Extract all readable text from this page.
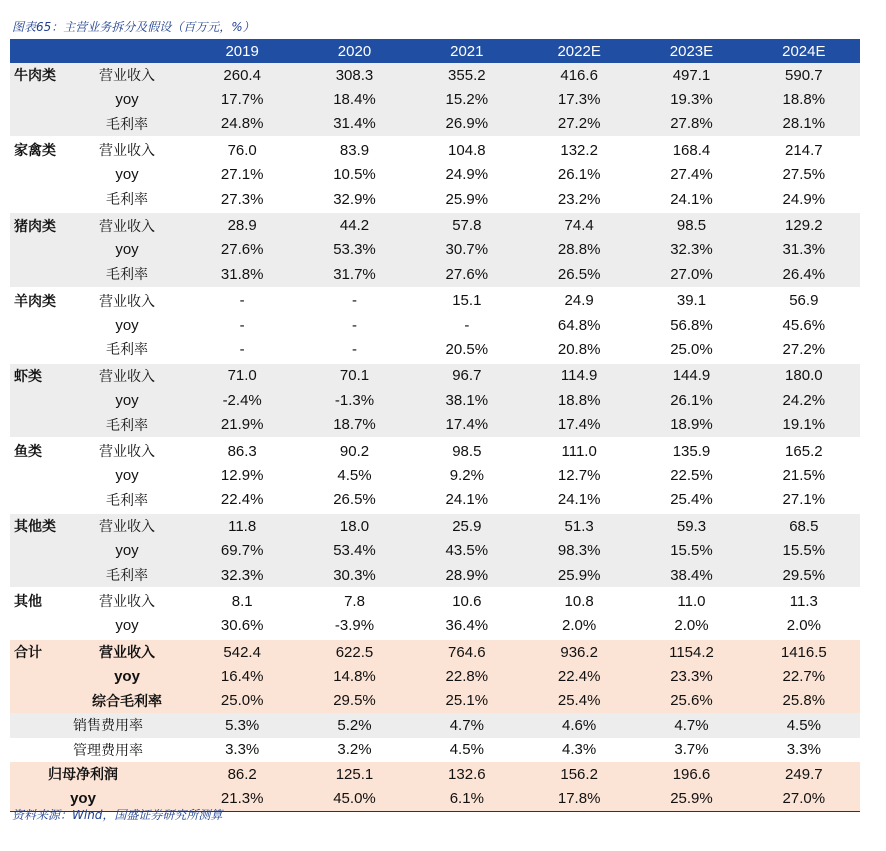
图表65：主营业务拆分及假设（百万元，%）
		2019	2020	2021	2022E	2023E	2024E
牛肉类	营业收入	260.4	308.3	355.2	416.6	497.1	590.7
	yoy	17.7%	18.4%	15.2%	17.3%	19.3%	18.8%
	毛利率	24.8%	31.4%	26.9%	27.2%	27.8%	28.1%
家禽类	营业收入	76.0	83.9	104.8	132.2	168.4	214.7
	yoy	27.1%	10.5%	24.9%	26.1%	27.4%	27.5%
	毛利率	27.3%	32.9%	25.9%	23.2%	24.1%	24.9%
猪肉类	营业收入	28.9	44.2	57.8	74.4	98.5	129.2
	yoy	27.6%	53.3%	30.7%	28.8%	32.3%	31.3%
	毛利率	31.8%	31.7%	27.6%	26.5%	27.0%	26.4%
羊肉类	营业收入	-	-	15.1	24.9	39.1	56.9
	yoy	-	-	-	64.8%	56.8%	45.6%
	毛利率	-	-	20.5%	20.8%	25.0%	27.2%
虾类	营业收入	71.0	70.1	96.7	114.9	144.9	180.0
	yoy	-2.4%	-1.3%	38.1%	18.8%	26.1%	24.2%
	毛利率	21.9%	18.7%	17.4%	17.4%	18.9%	19.1%
鱼类	营业收入	86.3	90.2	98.5	111.0	135.9	165.2
	yoy	12.9%	4.5%	9.2%	12.7%	22.5%	21.5%
	毛利率	22.4%	26.5%	24.1%	24.1%	25.4%	27.1%
其他类	营业收入	11.8	18.0	25.9	51.3	59.3	68.5
	yoy	69.7%	53.4%	43.5%	98.3%	15.5%	15.5%
	毛利率	32.3%	30.3%	28.9%	25.9%	38.4%	29.5%
其他	营业收入	8.1	7.8	10.6	10.8	11.0	11.3
	yoy	30.6%	-3.9%	36.4%	2.0%	2.0%	2.0%
合计	营业收入	542.4	622.5	764.6	936.2	1154.2	1416.5
	yoy	16.4%	14.8%	22.8%	22.4%	23.3%	22.7%
	综合毛利率	25.0%	29.5%	25.1%	25.4%	25.6%	25.8%
销售费用率		5.3%	5.2%	4.7%	4.6%	4.7%	4.5%
管理费用率		3.3%	3.2%	4.5%	4.3%	3.7%	3.3%
归母净利润		86.2	125.1	132.6	156.2	196.6	249.7
yoy		21.3%	45.0%	6.1%	17.8%	25.9%	27.0%
资料来源：Wind，国盛证券研究所测算
